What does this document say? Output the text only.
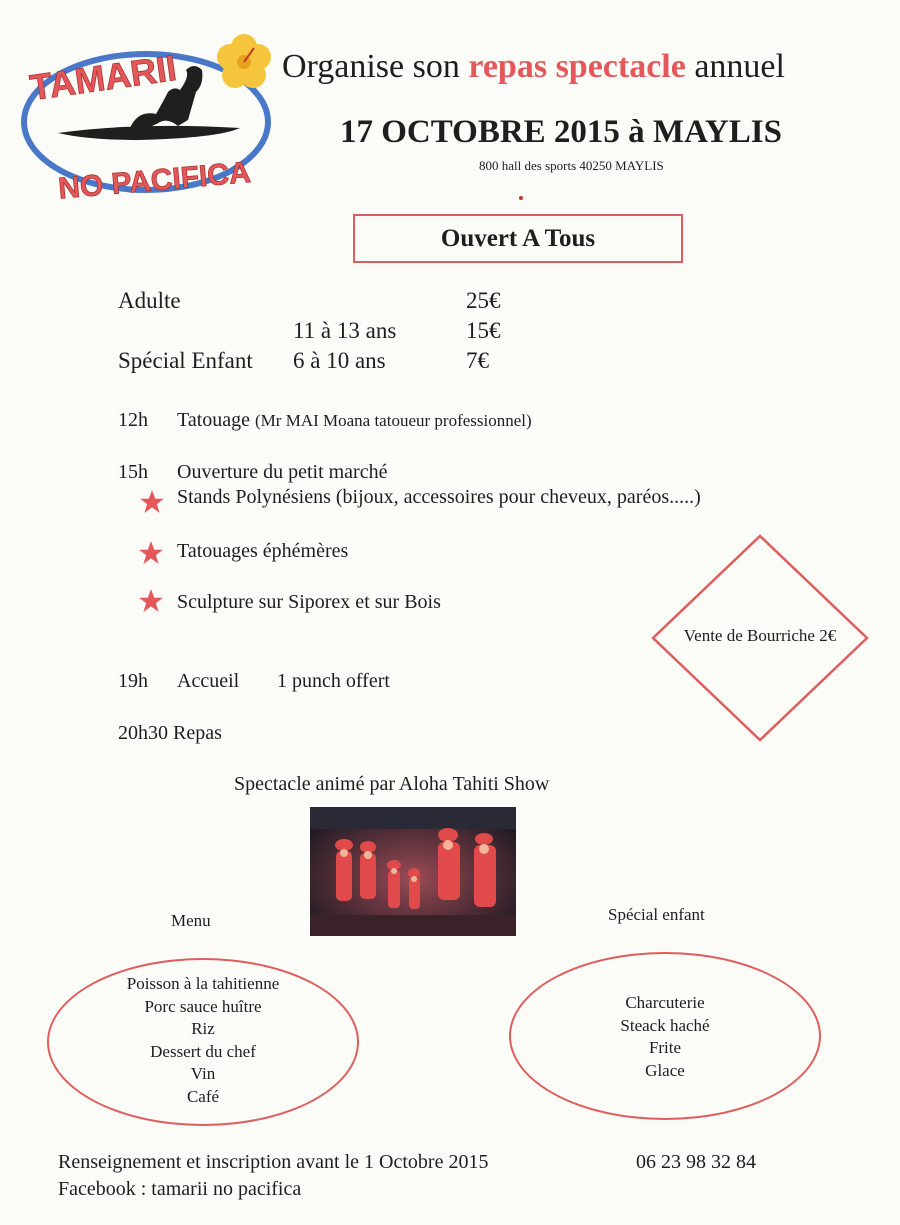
TAMARII
NO PACIFICA
Organise son repas spectacle annuel
17 OCTOBRE 2015 à MAYLIS
800 hall des sports 40250 MAYLIS
Ouvert A Tous
Adulte	25€
11 à 13 ans	15€
Spécial Enfant 6 à 10 ans	7€
12h Tatouage (Mr MAI Moana tatoueur professionnel)
15h Ouverture du petit marché
Stands Polynésiens (bijoux, accessoires pour cheveux, paréos.....)
Tatouages éphémères
Sculpture sur Siporex et sur Bois
19h Accueil 1 punch offert
20h30 Repas
Vente de Bourriche 2€
Spectacle animé par Aloha Tahiti Show
Menu
Poisson à la tahitienne
Porc sauce huître
Riz
Dessert du chef
Vin
Café
Spécial enfant
Charcuterie
Steack haché
Frite
Glace
Renseignement et inscription avant le 1 Octobre 2015	06 23 98 32 84
Facebook : tamarii no pacifica
